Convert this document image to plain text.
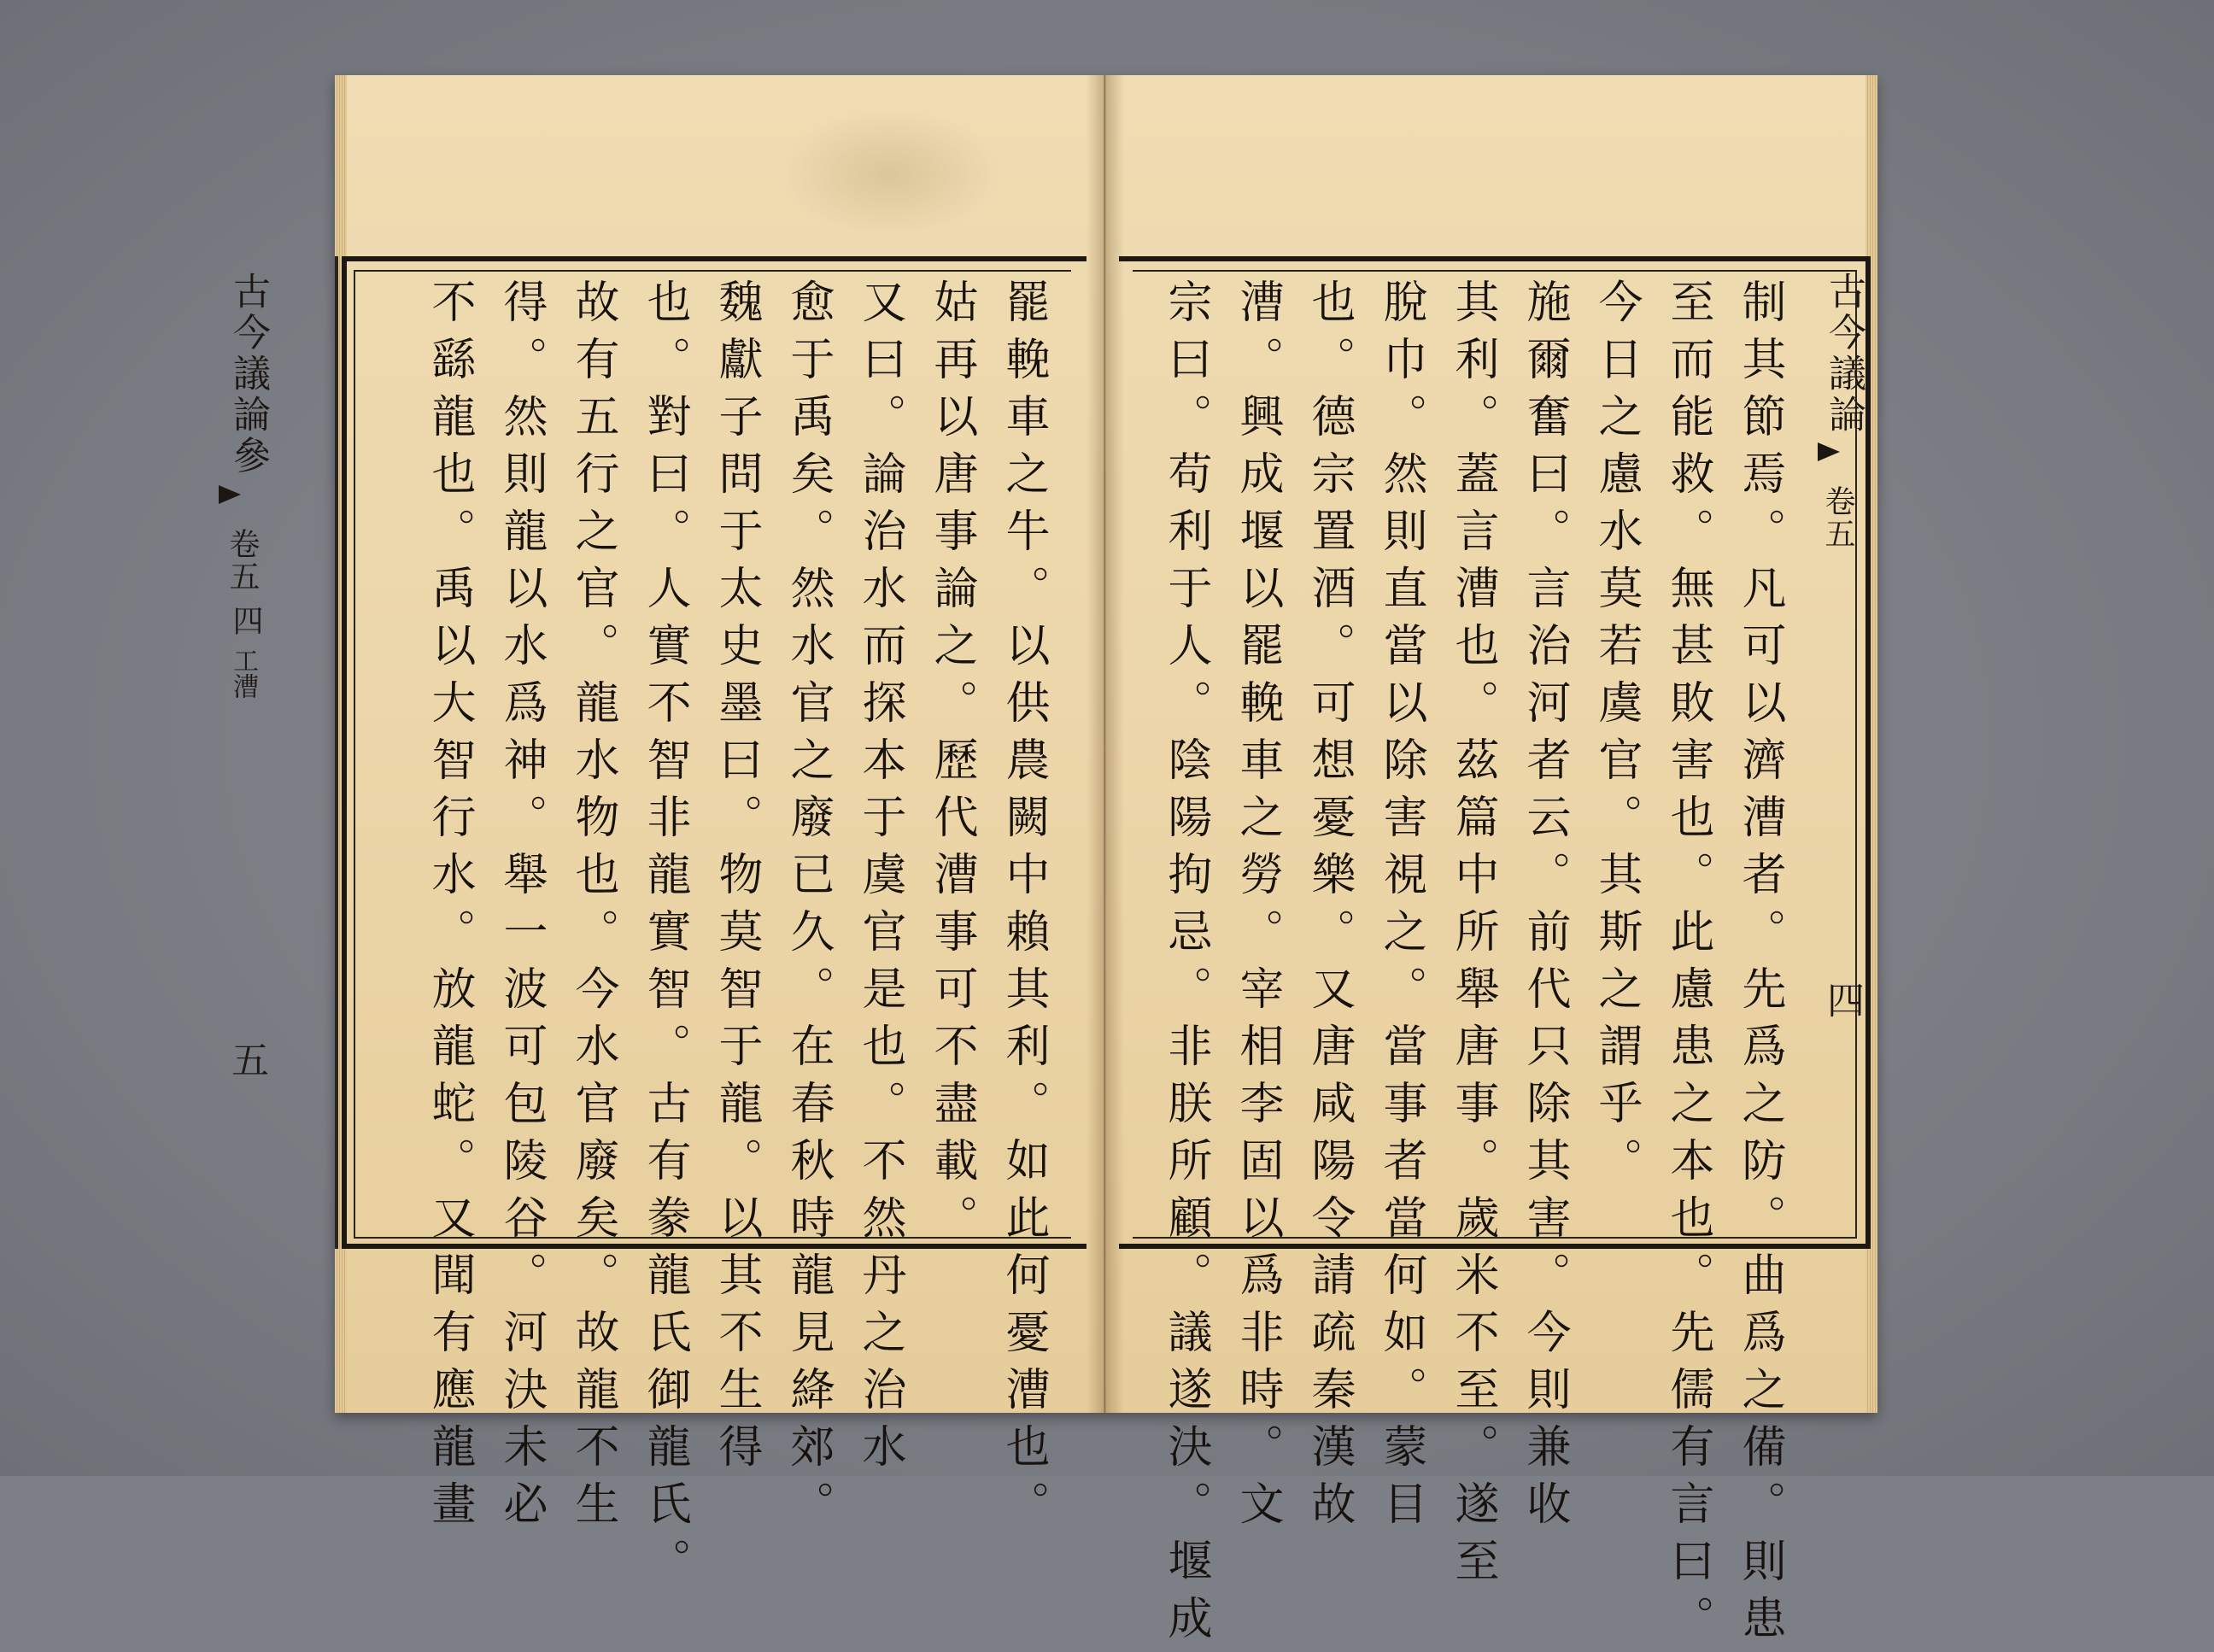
古今議論參
卷五
四
工漕
五	罷輓車之牛。以供農闕中賴其利。如此何憂漕也。
姑再以唐事論之。歷代漕事可不盡載。
又曰。論治水而探本于虞官是也。不然丹之治水
愈于禹矣。然水官之廢已久。在春秋時龍見絳郊。
魏獻子問于太史墨曰。物莫智于龍。以其不生得
也。對曰。人實不智非龍實智。古有豢龍氏御龍氏。
故有五行之官。龍水物也。今水官廢矣。故龍不生
得。然則龍以水爲神。舉一波可包陵谷。河決未必
不繇龍也。禹以大智行水。放龍蛇。又聞有應龍畫	制其節焉。凡可以濟漕者。先爲之防。曲爲之備。則患
至而能救。無甚敗害也。此慮患之本也。先儒有言曰。
今日之慮水莫若虞官。其斯之謂乎。
施爾奮曰。言治河者云。前代只除其害。今則兼收
其利。蓋言漕也。茲篇中所舉唐事。歲米不至。遂至
脫巾。然則直當以除害視之。當事者當何如。蒙目
也。德宗置酒。可想憂樂。又唐咸陽令請疏秦漢故
漕。興成堰以罷輓車之勞。宰相李固以爲非時。文
宗曰。苟利于人。陰陽拘忌。非朕所顧。議遂決。堰成	古今議論
卷五
四
